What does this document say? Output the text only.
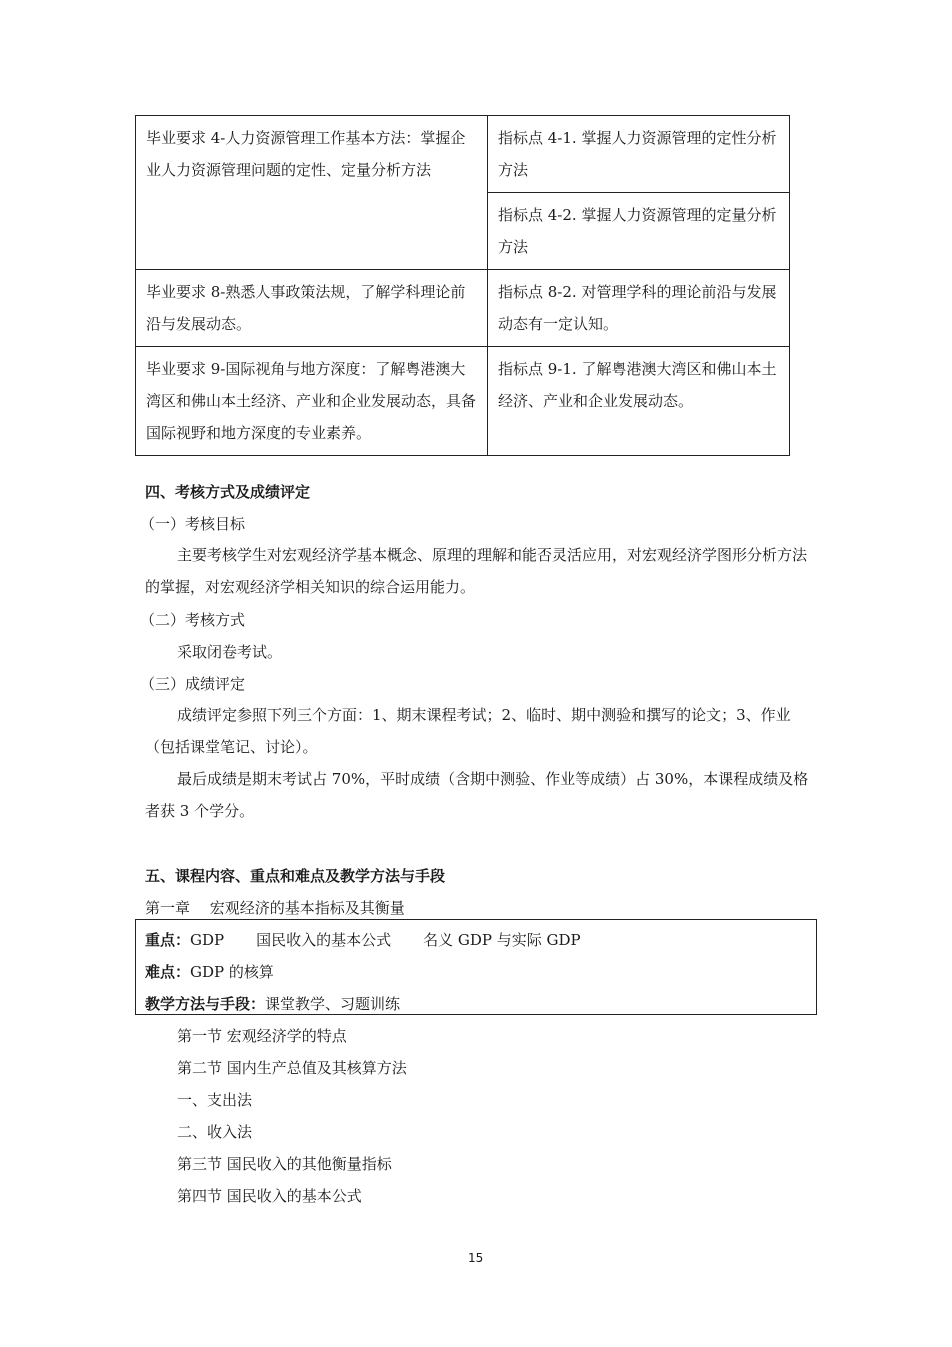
毕业要求 4-人力资源管理工作基本方法：掌握企业人力资源管理问题的定性、定量分析方法	指标点 4-1. 掌握人力资源管理的定性分析方法
指标点 4-2. 掌握人力资源管理的定量分析方法

毕业要求 8-熟悉人事政策法规，了解学科理论前沿与发展动态。	指标点 8-2. 对管理学科的理论前沿与发展动态有一定认知。
毕业要求 9-国际视角与地方深度：了解粤港澳大湾区和佛山本土经济、产业和企业发展动态，具备国际视野和地方深度的专业素养。	指标点 9-1. 了解粤港澳大湾区和佛山本土经济、产业和企业发展动态。
四、考核方式及成绩评定
（一）考核目标
主要考核学生对宏观经济学基本概念、原理的理解和能否灵活应用，对宏观经济学图形分析方法的掌握，对宏观经济学相关知识的综合运用能力。
（二）考核方式
采取闭卷考试。
（三）成绩评定
成绩评定参照下列三个方面：1、期末课程考试；2、临时、期中测验和撰写的论文；3、作业（包括课堂笔记、讨论）。
最后成绩是期末考试占 70%，平时成绩（含期中测验、作业等成绩）占 30%，本课程成绩及格者获 3 个学分。
五、课程内容、重点和难点及教学方法与手段
第一章　 宏观经济的基本指标及其衡量
重点：GDP 国民收入的基本公式 名义 GDP 与实际 GDP
难点：GDP 的核算
教学方法与手段：课堂教学、习题训练
第一节 宏观经济学的特点
第二节 国内生产总值及其核算方法
一、支出法
二、收入法
第三节 国民收入的其他衡量指标
第四节 国民收入的基本公式
15
